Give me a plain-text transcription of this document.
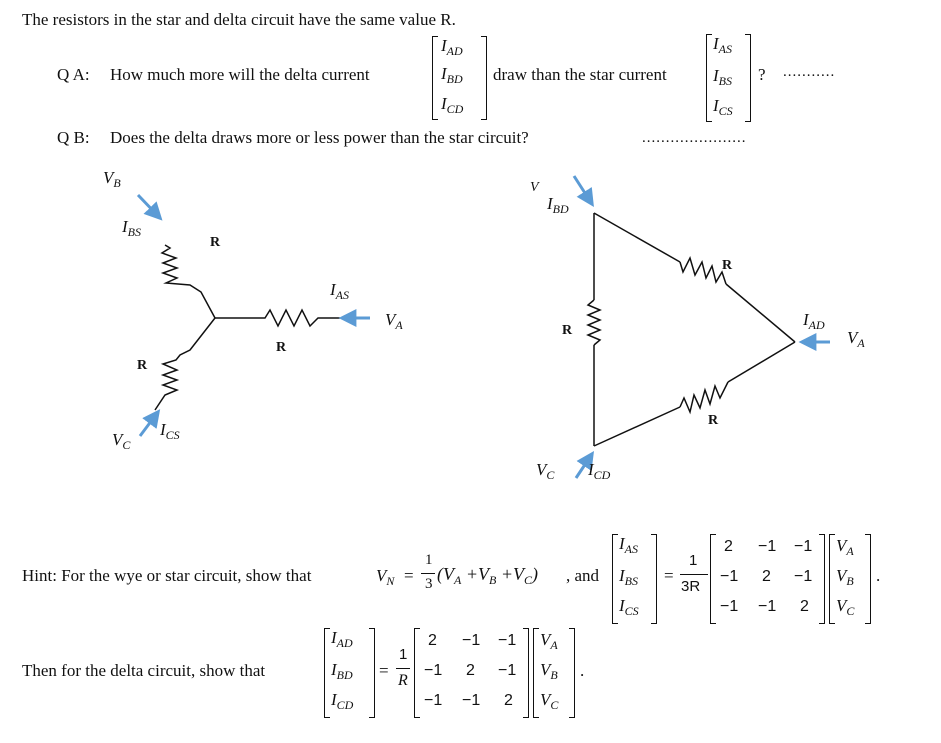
The resistors in the star and delta circuit have the same value R.
Q A: How much more will the delta current
$I_{AD}$
$I_{BD}$
$I_{CD}$
draw than the star current
$I_{AS}$
$I_{BS}$
$I_{CS}$
? ...........
Q B: Does the delta draws more or less power than the star circuit?	......................
$V_B$
$I_{BS}$
R
$I_{AS}$
$V_A$
R
R
$I_{CS}$
$V_C$
V
$I_{BD}$
R
R
$I_{AD}$
$V_A$
R
$V_C$ $I_{CD}$
Hint: For the wye or star circuit, show that	$V_N$ =
1
3 $(V_A +V_B +V_C)$ , and
$I_{AS}$
$I_{BS}$
$I_{CS}$
=
1
3R
2 −1 −1
−1 2 −1
−1 −1 2
$V_A$
$V_B$
$V_C$
.
Then for the delta circuit, show that
$I_{AD}$
$I_{BD}$
$I_{CD}$
=
1
R
2 −1 −1
−1 2 −1
−1 −1 2
$V_A$
$V_B$
$V_C$
.
